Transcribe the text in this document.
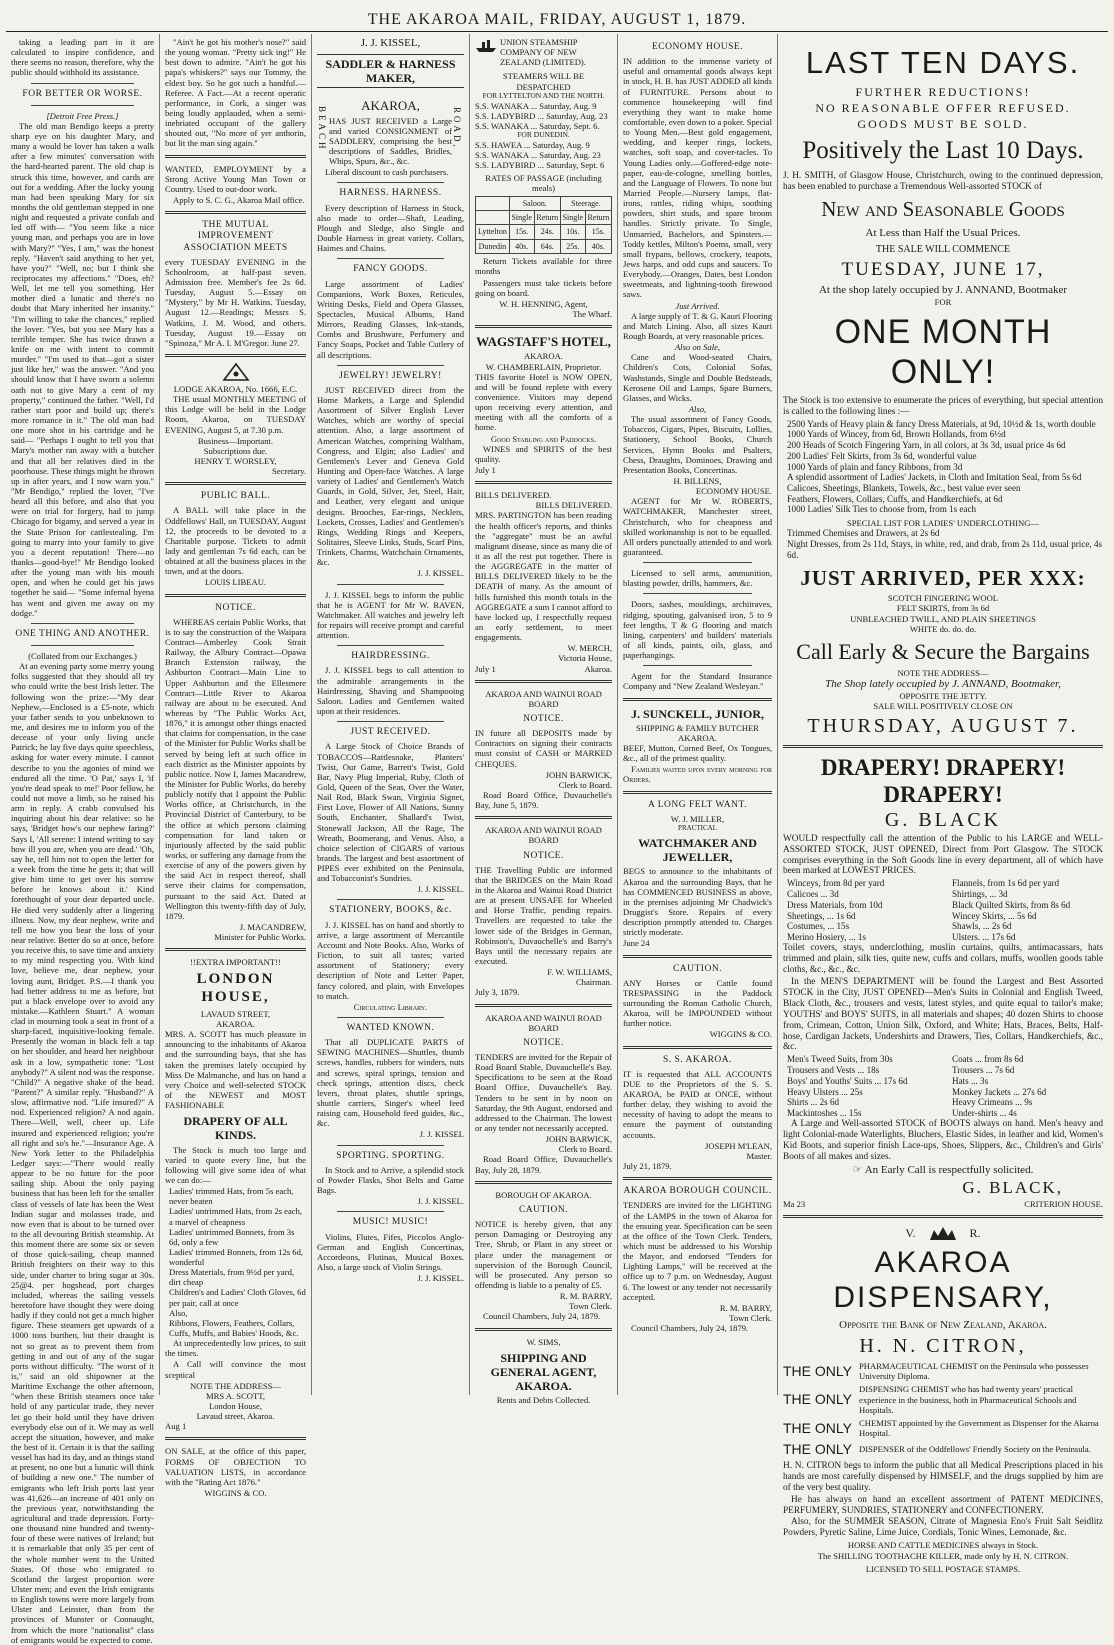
THE AKAROA MAIL, FRIDAY, AUGUST 1, 1879.

taking a leading part in it are calculated to inspire confidence, and there seems no reason, therefore, why the public should withhold its assistance.

FOR BETTER OR WORSE.
[Detroit Free Press.]

The old man Bendigo keeps a pretty sharp eye on his daughter Mary, and many a would be lover has taken a walk after a few minutes' conversation with the hard-hearted parent. The old chap is struck this time, however, and cards are out for a wedding. After the lucky young man had been speaking Mary for six months the old gentleman stepped in one night and requested a private confab and led off with— "You seem like a nice young man, and perhaps you are in love with Mary?" "Yes, I am," was the honest reply. "Haven't said anything to her yet, have you?" "Well, no; but I think she reciprocates my affections." "Does, eh? Well, let me tell you something. Her mother died a lunatic and there's no doubt that Mary inherited her insanity." "I'm willing to take the chances," replied the lover. "Yes, but you see Mary has a terrible temper. She has twice drawn a knife on me with intent to commit murder." "I'm used to that—got a sister just like her," was the answer. "And you should know that I have sworn a solemn oath not to give Mary a cent of my property," continued the father. "Well, I'd rather start poor and build up; there's more romance in it." The old man had one more shot in his cartridge and he said— "Perhaps I ought to tell you that Mary's mother ran away with a butcher and that all her relatives died in the poorhouse. These things might be thrown up in after years, and I now warn you." "Mr Bendigo," replied the lover, "I've heard all this before, and also that you were on trial for forgery, had to jump Chicago for bigamy, and served a year in the State Prison for cattlestealing. I'm going to marry into your family to give you a decent reputation! There—no thanks—good-bye!" Mr Bendigo looked after the young man with his mouth open, and when he could get his jaws together he said— "Some infernal hyena has went and given me away on my dodge."

ONE THING AND ANOTHER.
(Collated from our Exchanges.)

At an evening party some merry young folks suggested that they should all try who could write the best Irish letter. The following won the prize:—"My dear Nephew,—Enclosed is a £5-note, which your father sends to you unbeknown to me, and desires me to inform you of the decease of your only living uncle Patrick; he lay five days quite speechless, asking for water every minute. I cannot describe to you the agonies of mind we endured all the time. 'O Pat,' says I, 'if you're dead speak to me!' Poor fellow, he could not move a limb, so he raised his arm in reply. A crabb convulsed his inquiring about his dear relative: so he says, 'Bridget how's our nephew faring?' Says I, 'All serene: I intend writing to say how ill you are, when you are dead.' 'Oh, say he, tell him not to open the letter for a week from the time he gets it; that will give him time to get over his sorrow before he knows about it.' Kind forethought of your dear departed uncle. He died very suddenly after a lingering illness. Now, my dear nephew, write and tell me how you bear the loss of your near relative. Better do so at once, before you receive this, to save time and anxiety to my mind respecting you. With kind love, believe me, dear nephew, your loving aunt, Bridget. P.S.—I thank you had better address to me as before, but put a black envelope over to avoid any mistake.—Kathleen Stuart." A woman clad in mourning took a seat in front of a sharp-faced, inquisitive-looking female. Presently the woman in black felt a tap on her shoulder, and heard her neighbour ask in a low, sympathetic tone: "Lost anybody?" A silent nod was the response. "Child?" A negative shake of the head. "Parent?" A similar reply. "Husband?" A slow, affirmative nod. "Life insured?" A nod. Experienced religion? A nod again. There—Well, well, cheer up. Life insured and experienced religion; you're all right and so's he."—Insurance Age. A New York letter to the Philadelphia Ledger says:—"There would really appear to be no future for the poor sailing ship. About the only paying business that has been left for the smaller class of vessels of late has been the West Indian sugar and molasses trade, and now even that is about to be turned over to the all devouring British steamship. At this moment there are some six or seven of those quick-sailing, cheap manned British freighters on their way to this side, under charter to bring sugar at 30s. 25@4. per hogshead, port charges included, whereas the sailing vessels heretofore have thought they were doing badly if they could not get a much higher figure. These steamers get upwards of a 1000 tons burthen, but their draught is not so great as to prevent them from getting in and out of any of the sugar ports without difficulty. "The worst of it is," said an old shipowner at the Maritime Exchange the other afternoon, "when these British steamers once take hold of any particular trade, they never let go their hold until they have driven everybody else out of it. We may as well accept the situation, however, and make the best of it. Certain it is that the sailing vessel has had its day, and as things stand at present, no one but a lunatic will think of building a new one." The number of emigrants who left Irish ports last year was 41,626—an increase of 401 only on the previous year, notwithstanding the agricultural and trade depression. Forty-one thousand nine hundred and twenty-four of these were natives of Ireland; but it is remarkable that only 35 per cent of the whole number went to the United States. Of those who emigrated to Scotland the largest proportion were Ulster men; and even the Irish emigrants to English towns were more largely from Ulster and Leinster, than from the provinces of Munster or Connaught, from which the more "nationalist" class of emigrants would be expected to come.

"Ain't he got his mother's nose?" said the young woman. "Pretty sick ing!" He best down to admire. "Ain't he got his papa's whiskers?" says our Tommy, the eldest boy. So he got such a handful.—Referee. A Fact.—At a recent operatic performance, in Cork, a singer was being loudly applauded, when a semi-inebriated occupant of the gallery shouted out, "No more of yer anthorin, but lit the man sing again."

WANTED, EMPLOYMENT by a Strong Active Young Man Town or Country. Used to out-door work.

Apply to S. C. G., Akaroa Mail office.

THE MUTUAL IMPROVEMENT ASSOCIATION MEETS

every TUESDAY EVENING in the Schoolroom, at half-past seven. Admission free. Member's fee 2s 6d. Tuesday, August 5.—Essay on "Mystery," by Mr H. Watkins. Tuesday, August 12.—Readings; Messrs S. Watkins, J. M. Wood, and others. Tuesday, August 19.—Essay on "Spinoza," Mr A. I. M'Gregor. June 27.

LODGE AKAROA, No. 1666, E.C.

THE usual MONTHLY MEETING of this Lodge will be held in the Lodge Room, Akaroa, on TUESDAY EVENING, August 5, at 7.30 p.m.

Business—Important.
Subscriptions due.
HENRY T. WORSLEY,
Secretary.
PUBLIC BALL.

A BALL will take place in the Oddfellows' Hall, on TUESDAY, August 12, the proceeds to be devoted to a Charitable purpose. Tickets to admit lady and gentleman 7s 6d each, can be obtained at all the business places in the town, and at the doors.

LOUIS LIBEAU.
NOTICE.

WHEREAS certain Public Works, that is to say the construction of the Waipara Contract—Amberley Cook Strait Railway, the Albury Contract—Opawa Branch Extension railway, the Ashburton Contract—Main Line to Upper Ashburton and the Ellesmere Contract—Little River to Akaroa railway are about to be executed. And whereas by "The Public Works Act, 1876," it is amongst other things enacted that claims for compensation, in the case of the Minister for Public Works shall be served by being left at such office in each district as the Minister appoints by public notice. Now I, James Macandrew, the Minister for Public Works, do hereby publicly notify that I appoint the Public Works office, at Christchurch, in the Provincial District of Canterbury, to be the office at which persons claiming compensation for land taken or injuriously affected by the said public works, or suffering any damage from the exercise of any of the powers given by the said Act in respect thereof, shall serve their claims for compensation, pursuant to the said Act. Dated at Wellington this twenty-fifth day of July, 1879.

J. MACANDREW,
Minister for Public Works.
!!EXTRA IMPORTANT!!
LONDON HOUSE,
LAVAUD STREET,
AKAROA.

MRS. A. SCOTT has much pleasure in announcing to the inhabitants of Akaroa and the surrounding bays, that she has taken the premises lately occupied by Miss De Malmanche, and has on hand a very Choice and well-selected STOCK of the NEWEST and MOST FASHIONABLE

DRAPERY OF ALL KINDS.

The Stock is much too large and varied to quote every line, but the following will give some idea of what we can do:—

Ladies' trimmed Hats, from 5s each, never beaten
Ladies' untrimmed Hats, from 2s each, a marvel of cheapness
Ladies' untrimmed Bonnets, from 3s 6d, only a few
Ladies' trimmed Bonnets, from 12s 6d, wonderful
Dress Materials, from 9½d per yard, dirt cheap
Children's and Ladies' Cloth Gloves, 6d per pair, call at once
Also,
Ribbons, Flowers, Feathers, Collars, Cuffs, Muffs, and Babies' Hoods, &c.

At unprecedentedly low prices, to suit the times.

A Call will convince the most sceptical

NOTE THE ADDRESS—
MRS A. SCOTT,
London House,
Lavaud street, Akaroa.
Aug 1

ON SALE, at the office of this paper, FORMS OF OBJECTION TO VALUATION LISTS, in accordance with the "Rating Act 1876."

WIGGINS & CO.
J. J. KISSEL,
SADDLER & HARNESS MAKER,
BEACH
AKAROA,

HAS JUST RECEIVED a Large and varied CONSIGNMENT of SADDLERY, comprising the best descriptions of Saddles, Bridles, Whips, Spurs, &c., &c.

ROAD,

Liberal discount to cash purchasers.

HARNESS. HARNESS.

Every description of Harness in Stock, also made to order—Shaft, Leading, Plough and Sledge, also Single and Double Harness in great variety. Collars, Haimes and Chains.

FANCY GOODS.

Large assortment of Ladies' Companions, Work Boxes, Reticules, Writing Desks, Field and Opera Glasses, Spectacles, Musical Albums, Hand Mirrors, Reading Glasses, Ink-stands, Combs and Brushware, Perfumery and Fancy Soaps, Pocket and Table Cutlery of all descriptions.

JEWELRY! JEWELRY!

JUST RECEIVED direct from the Home Markets, a Large and Splendid Assortment of Silver English Lever Watches, which are worthy of special attention. Also, a large assortment of American Watches, comprising Waltham, Congress, and Elgin; also Ladies' and Gentlemen's Lever and Geneva Gold Hunting and Open-face Watches. A large variety of Ladies' and Gentlemen's Watch Guards, in Gold, Silver, Jet, Steel, Hair, and Leather, very elegant and unique designs. Brooches, Ear-rings, Necklets, Lockets, Crosses, Ladies' and Gentlemen's Rings, Wedding Rings and Keepers, Solitaires, Sleeve Links, Studs, Scarf Pins, Trinkets, Charms, Watchchain Ornaments, &c.

J. J. KISSEL.

J. J. KISSEL begs to inform the public that he is AGENT for Mr W. RAVEN, Watchmaker. All watches and jewelry left for repairs will receive prompt and careful attention.

HAIRDRESSING.

J. J. KISSEL begs to call attention to the admirable arrangements in the Hairdressing, Shaving and Shampooing Saloon. Ladies and Gentlemen waited upon at their residences.

JUST RECEIVED.

A Large Stock of Choice Brands of TOBACCOS—Rattlesnake, Planters' Twist, Our Game, Barrett's Twist, Gold Bar, Navy Plug Imperial, Ruby, Cloth of Gold, Queen of the Seas, Over the Water, Nail Rod, Black Swan, Virginia Signet, First Love, Flower of All Nations, Sunny South, Enchanter, Shallard's Twist, Stonewall Jackson, All the Rage, The Wreath, Boomerang, and Venus. Also, a choice selection of CIGARS of various brands. The largest and best assortment of PIPES ever exhibited on the Peninsula, and Tobacconist's Sundries.

J. J. KISSEL.
STATIONERY, BOOKS, &c.

J. J. KISSEL has on hand and shortly to arrive, a large assortment of Mercantile Account and Note Books. Also, Works of Fiction, to suit all tastes; varied assortment of Stationery; every description of Note and Letter Paper, fancy colored, and plain, with Envelopes to match.

Circulating Library.
WANTED KNOWN.

That all DUPLICATE PARTS of SEWING MACHINES—Shuttles, thumb screws, handles, rubbers for winders, nuts and screws, spiral springs, tension and check springs, attention discs, check levers, throat plates, shuttle springs, shuttle carriers, Singer's wheel feed raising cam, Household feed guides, &c., &c.

J. J. KISSEL
SPORTING. SPORTING.

In Stock and to Arrive, a splendid stock of Powder Flasks, Shot Belts and Game Bags.

J. J. KISSEL.
MUSIC! MUSIC!

Violins, Flutes, Fifes, Piccolos Anglo-German and English Concertinas, Accordeons, Flutinas, Musical Boxes. Also, a large stock of Violin Strings.

J. J. KISSEL.
UNION STEAMSHIP COMPANY OF NEW ZEALAND (LIMITED).
STEAMERS WILL BE DESPATCHED
FOR LYTTELTON AND THE NORTH.
S.S. WANAKA ... Saturday, Aug. 9
S.S. LADYBIRD ... Saturday, Aug. 23
S.S. WANAKA ... Saturday, Sept. 6.
FOR DUNEDIN.
S.S. HAWEA ... Saturday, Aug. 9
S.S. WANAKA ... Saturday, Aug. 23
S.S. LADYBIRD ... Saturday, Sept. 6
RATES OF PASSAGE (including meals)
	Saloon.		Steerage.	
	Single	Return	Single	Return
Lyttelton	15s.	24s.	10s.	15s.
Dunedin	40s.	64s.	25s.	40s.

Return Tickets available for three months

Passengers must take tickets before going on board.

W. H. HENNING, Agent,
The Wharf.
WAGSTAFF'S HOTEL,
AKAROA.
W. CHAMBERLAIN, Proprietor.

THIS favorite Hotel is NOW OPEN, and will be found replete with every convenience. Visitors may depend upon receiving every attention, and meeting with all the comforts of a home.

Good Stabling and Paddocks.

WINES and SPIRITS of the best quality.

July 1
BILLS DELIVERED.
BILLS DELIVERED.

MRS. PARTINGTON has been reading the health officer's reports, and thinks the "aggregate" must be an awful malignant disease, since as many die of it as all the rest put together. There is the AGGREGATE in the matter of BILLS DELIVERED likely to be the DEATH of many. As the amount of bills furnished this month totals in the AGGREGATE a sum I cannot afford to have locked up, I respectfully request an early settlement, to meet engagements.

W. MERCH,
Victoria House,
July 1	Akaroa.
AKAROA AND WAINUI ROAD BOARD
NOTICE.

IN future all DEPOSITS made by Contractors on signing their contracts must consist of CASH or MARKED CHEQUES.

JOHN BARWICK,
Clerk to Board.

Road Board Office, Duvauchelle's Bay, June 5, 1879.

AKAROA AND WAINUI ROAD BOARD
NOTICE.

THE Travelling Public are informed that the BRIDGES on the Main Road in the Akaroa and Wainui Road District are at present UNSAFE for Wheeled and Horse Traffic, pending repairs. Travellers are requested to take the lower side of the Bridges in German, Robinson's, Duvauchelle's and Barry's Bays until the necessary repairs are executed.

F. W. WILLIAMS,
Chairman.
July 3, 1879.
AKAROA AND WAINUI ROAD BOARD
NOTICE.

TENDERS are invited for the Repair of Road Board Stable, Duvauchelle's Bay. Specifications to be seen at the Road Board Office, Duvauchelle's Bay. Tenders to be sent in by noon on Saturday, the 9th August, endorsed and addressed to the Chairman. The lowest or any tender not necessarily accepted.

JOHN BARWICK,
Clerk to Board.

Road Board Office, Duvauchelle's Bay, July 28, 1879.

BOROUGH OF AKAROA.
CAUTION.

NOTICE is hereby given, that any person Damaging or Destroying any Tree, Shrub, or Plant in any street or place under the management or supervision of the Borough Council, will be prosecuted. Any person so offending is liable to a penalty of £5.

R. M. BARRY,
Town Clerk.

Council Chambers, July 24, 1879.

W. SIMS,
SHIPPING AND GENERAL AGENT, AKAROA.
Rents and Debts Collected.
ECONOMY HOUSE.

IN addition to the immense variety of useful and ornamental goods always kept in stock, H. B. has JUST ADDED all kinds of FURNITURE. Persons about to commence housekeeping will find everything they want to make home comfortable, even down to a poker. Special to Young Men.—Best gold engagement, wedding, and keeper rings, lockets, watches, soft soap, and cover-tacles. To Young Ladies only.—Goffered-edge note-paper, eau-de-cologne, smelling bottles, and the Language of Flowers. To none but Married People.—Nursery lamps, flat-irons, rattles, riding whips, soothing powders, shirt studs, and spare broom handles. Strictly private. To Single, Unmarried, Bachelors, and Spinsters.—Toddy kettles, Milton's Poems, small, very small frypans, bellows, crockery, teapots, Jews harps, and odd cups and saucers. To Everybody.—Oranges, Dates, best London sweetmeats, and lightning-tooth firewood saws.

Just Arrived.

A large supply of T. & G. Kauri Flooring and Match Lining. Also, all sizes Kauri Rough Boards, at very reasonable prices.

Also on Sale,

Cane and Wood-seated Chairs, Children's Cots, Colonial Sofas, Washstands, Single and Double Bedsteads, Kerosene Oil and Lamps, Spare Burners, Glasses, and Wicks.

Also,

The usual assortment of Fancy Goods, Tobaccos, Cigars, Pipes, Biscuits, Lollies, Stationery, School Books, Church Services, Hymn Books and Psalters, Chess, Draughts, Dominoes, Drawing and Presentation Books, Concertinas.

H. BILLENS,
ECONOMY HOUSE.

AGENT for Mr W. ROBERTS, WATCHMAKER, Manchester street, Christchurch, who for cheapness and skilled workmanship is not to be equalled. All orders punctually attended to and work guaranteed.

Licensed to sell arms, ammunition, blasting powder, drills, hammers, &c.

Doors, sashes, mouldings, architraves, ridging, spouting, galvanised iron, 5 to 9 feet lengths, T & G flooring and match lining, carpenters' and builders' materials of all kinds, paints, oils, glass, and paperhangings.

Agent for the Standard Insurance Company and "New Zealand Wesleyan."

J. SUNCKELL, JUNIOR,
SHIPPING & FAMILY BUTCHER
AKAROA.

BEEF, Mutton, Corned Beef, Ox Tongues, &c., all of the primest quality.

Families waited upon every morning for Orders.

A LONG FELT WANT.
W. J. MILLER,
PRACTICAL
WATCHMAKER AND JEWELLER,

BEGS to announce to the inhabitants of Akaroa and the surrounding Bays, that he has COMMENCED BUSINESS as above, in the premises adjoining Mr Chadwick's Druggist's Store. Repairs of every description promptly attended to. Charges strictly moderate.

June 24
CAUTION.

ANY Horses or Cattle found TRESPASSING in the Paddock surrounding the Roman Catholic Church, Akaroa, will be IMPOUNDED without further notice.

WIGGINS & CO.
S. S. AKAROA.

IT is requested that ALL ACCOUNTS DUE to the Proprietors of the S. S. AKAROA, be PAID at ONCE, without further delay, they wishing to avoid the necessity of having to adopt the means to ensure the payment of outstanding accounts.

JOSEPH M'LEAN,
Master.
July 21, 1879.
AKAROA BOROUGH COUNCIL.

TENDERS are invited for the LIGHTING of the LAMPS in the town of Akaroa for the ensuing year. Specification can be seen at the office of the Town Clerk. Tenders, which must be addressed to his Worship the Mayor, and endorsed "Tenders for Lighting Lamps," will be received at the office up to 7 p.m. on Wednesday, August 6. The lowest or any tender not necessarily accepted.

R. M. BARRY,
Town Clerk.

Council Chambers, July 24, 1879.

LAST TEN DAYS.
FURTHER REDUCTIONS!
NO REASONABLE OFFER REFUSED.
GOODS MUST BE SOLD.
Positively the Last 10 Days.

J. H. SMITH, of Glasgow House, Christchurch, owing to the continued depression, has been enabled to purchase a Tremendous Well-assorted STOCK of

New and Seasonable Goods
At Less than Half the Usual Prices.
THE SALE WILL COMMENCE
TUESDAY, JUNE 17,
At the shop lately occupied by J. ANNAND, Bootmaker
FOR
ONE MONTH ONLY!

The Stock is too extensive to enumerate the prices of everything, but special attention is called to the following lines :—

2500 Yards of Heavy plain & fancy Dress Materials, at 9d, 10½d & 1s, worth double
1000 Yards of Wincey, from 6d, Brown Hollands, from 6½d
200 Heads of Scotch Fingering Yarn, in all colors, at 3s 3d, usual price 4s 6d
200 Ladies' Felt Skirts, from 3s 6d, wonderful value
1000 Yards of plain and fancy Ribbons, from 3d
A splendid assortment of Ladies' Jackets, in Cloth and Imitation Seal, from 5s 6d
Calicoes, Sheetings, Blankets, Towels, &c., best value ever seen
Feathers, Flowers, Collars, Cuffs, and Handkerchiefs, at 6d
1000 Ladies' Silk Ties to choose from, from 1s each
SPECIAL LIST FOR LADIES' UNDERCLOTHING—
Trimmed Chemises and Drawers, at 2s 6d
Night Dresses, from 2s 11d, Stays, in white, red, and drab, from 2s 11d, usual price, 4s 6d.
JUST ARRIVED, PER XXX:
SCOTCH FINGERING WOOL
FELT SKIRTS, from 3s 6d
UNBLEACHED TWILL, AND PLAIN SHEETINGS
WHITE do. do. do.
Call Early & Secure the Bargains
NOTE THE ADDRESS—
The Shop lately occupied by J. ANNAND, Bootmaker,
OPPOSITE THE JETTY.
SALE WILL POSITIVELY CLOSE ON
THURSDAY, AUGUST 7.
DRAPERY! DRAPERY! DRAPERY!
G. BLACK

WOULD respectfully call the attention of the Public to his LARGE and WELL-ASSORTED STOCK, JUST OPENED, Direct from Port Glasgow. The STOCK comprises everything in the Soft Goods line in every department, all of which have been marked at LOWEST PRICES.

Winceys, from 8d per yard
Calicoes ... 3d
Dress Materials, from 10d
Sheetings, ... 1s 6d
Costumes, ... 15s
Merino Hosiery, ... 1s
Flannels, from 1s 6d per yard
Shirtings, ... 3d
Black Quilted Skirts, from 8s 6d
Wincey Skirts, ... 5s 6d
Shawls, ... 2s 6d
Ulsters. ... 17s 6d

Toilet covers, stays, underclothing, muslin curtains, quilts, antimacassars, hats trimmed and plain, silk ties, quite new, cuffs and collars, muffs, woollen goods table cloths, &c., &c., &c.

In the MEN'S DEPARTMENT will be found the Largest and Best Assorted STOCK in the City, JUST OPENED—Men's Suits in Colonial and English Tweed, Black Cloth, &c., trousers and vests, latest styles, and quite equal to tailor's make; YOUTHS' and BOYS' SUITS, in all materials and shapes; 40 dozen Shirts to choose from, Crimean, Cotton, Union Silk, Oxford, and White; Hats, Braces, Belts, Half-hose, Cardigan Jackets, Undershirts and Drawers, Ties, Collars, Handkerchiefs, &c., &c.

Men's Tweed Suits, from 30s
Trousers and Vests ... 18s
Boys' and Youths' Suits ... 17s 6d
Heavy Ulsters ... 25s
Shirts ... 2s 6d
Mackintoshes ... 15s
Coats ... from 8s 6d
Trousers ... 7s 6d
Hats ... 3s
Monkey Jackets ... 27s 6d
Heavy Crimeans ... 9s
Under-shirts ... 4s

A Large and Well-assorted STOCK of BOOTS always on hand. Men's heavy and light Colonial-made Waterlights, Bluchers, Elastic Sides, in leather and kid, Women's Kid Boots, and superior finish Lace-ups, Shoes, Slippers, &c., Children's and Girls' Boots of all makes and sizes.

☞ An Early Call is respectfully solicited.
G. BLACK,
Ma 23	CRITERION HOUSE.
V.	R.
AKAROA DISPENSARY,
Opposite the Bank of New Zealand, Akaroa.
H. N. CITRON,
THE ONLY PHARMACEUTICAL CHEMIST on the Peninsula who possesses University Diploma.
THE ONLY
DISPENSING CHEMIST who has had twenty years' practical experience in the business, both in Pharmaceutical Schools and Hospitals.
THE ONLY CHEMIST appointed by the Government as Dispenser for the Akaroa Hospital.
THE ONLY DISPENSER of the Oddfellows' Friendly Society on the Peninsula.

H. N. CITRON begs to inform the public that all Medical Prescriptions placed in his hands are most carefully dispensed by HIMSELF, and the drugs supplied by him are of the very best quality.

He has always on hand an excellent assortment of PATENT MEDICINES, PERFUMERY, SUNDRIES, STATIONERY and CONFECTIONERY.

Also, for the SUMMER SEASON, Citrate of Magnesia Eno's Fruit Salt Seidlitz Powders, Pyretic Saline, Lime Juice, Cordials, Tonic Wines, Lemonade, &c.

HORSE AND CATTLE MEDICINES always in Stock.
The SHILLING TOOTHACHE KILLER, made only by H. N. CITRON.
LICENSED TO SELL POSTAGE STAMPS.
